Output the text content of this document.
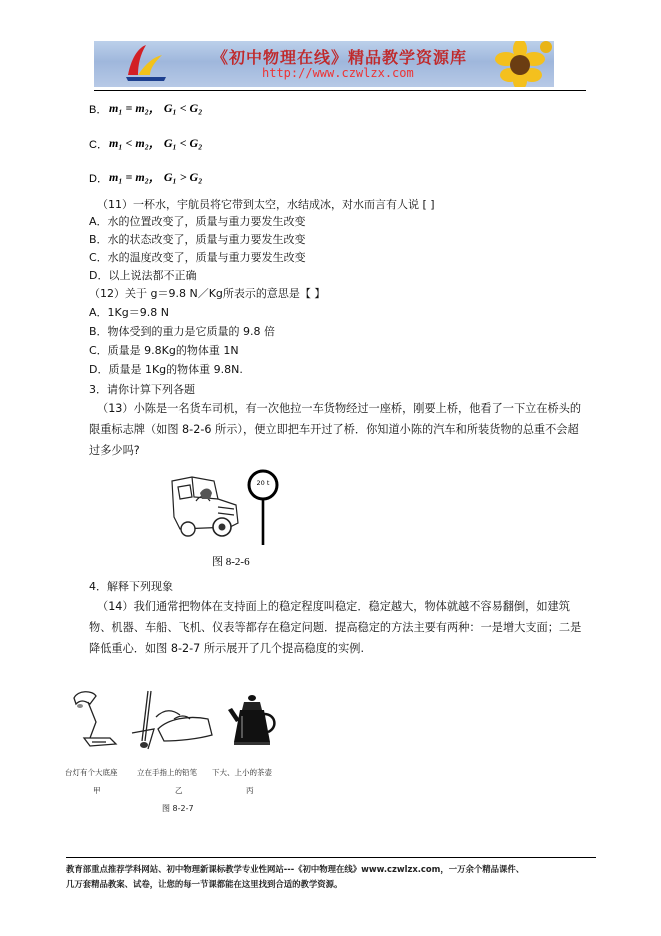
《初中物理在线》精品教学资源库
http://www.czwlzx.com
B． m₁ = m₂， G₁ < G₂
C． m₁ < m₂， G₁ < G₂
D． m₁ = m₂， G₁ > G₂
（11）一杯水，宇航员将它带到太空，水结成冰，对水而言有人说 [ ]
A．水的位置改变了，质量与重力要发生改变
B．水的状态改变了，质量与重力要发生改变
C．水的温度改变了，质量与重力要发生改变
D．以上说法都不正确
（12）关于 g＝9.8 N／Kg所表示的意思是【 】
A．1Kg＝9.8 N
B．物体受到的重力是它质量的 9.8 倍
C．质量是 9.8Kg的物体重 1N
D．质量是 1Kg的物体重 9.8N.
3．请你计算下列各题
（13）小陈是一名货车司机，有一次他拉一车货物经过一座桥，刚要上桥，他看了一下立在桥头的限重标志牌（如图 8-2-6 所示），便立即把车开过了桥．你知道小陈的汽车和所装货物的总重不会超过多少吗?
20 t
图 8-2-6
4．解释下列现象
（14）我们通常把物体在支持面上的稳定程度叫稳定．稳定越大，物体就越不容易翻倒，如建筑物、机器、车船、飞机、仪表等都存在稳定问题．提高稳定的方法主要有两种：一是增大支面；二是降低重心．如图 8-2-7 所示展开了几个提高稳度的实例.
台灯有个大底座	立在手指上的铅笔 下大、上小的茶壶
甲	乙	丙
图 8-2-7
教育部重点推荐学科网站、初中物理新课标教学专业性网站---《初中物理在线》www.czwlzx.com，一万余个精品课件、
几万套精品教案、试卷，让您的每一节课都能在这里找到合适的教学资源。
